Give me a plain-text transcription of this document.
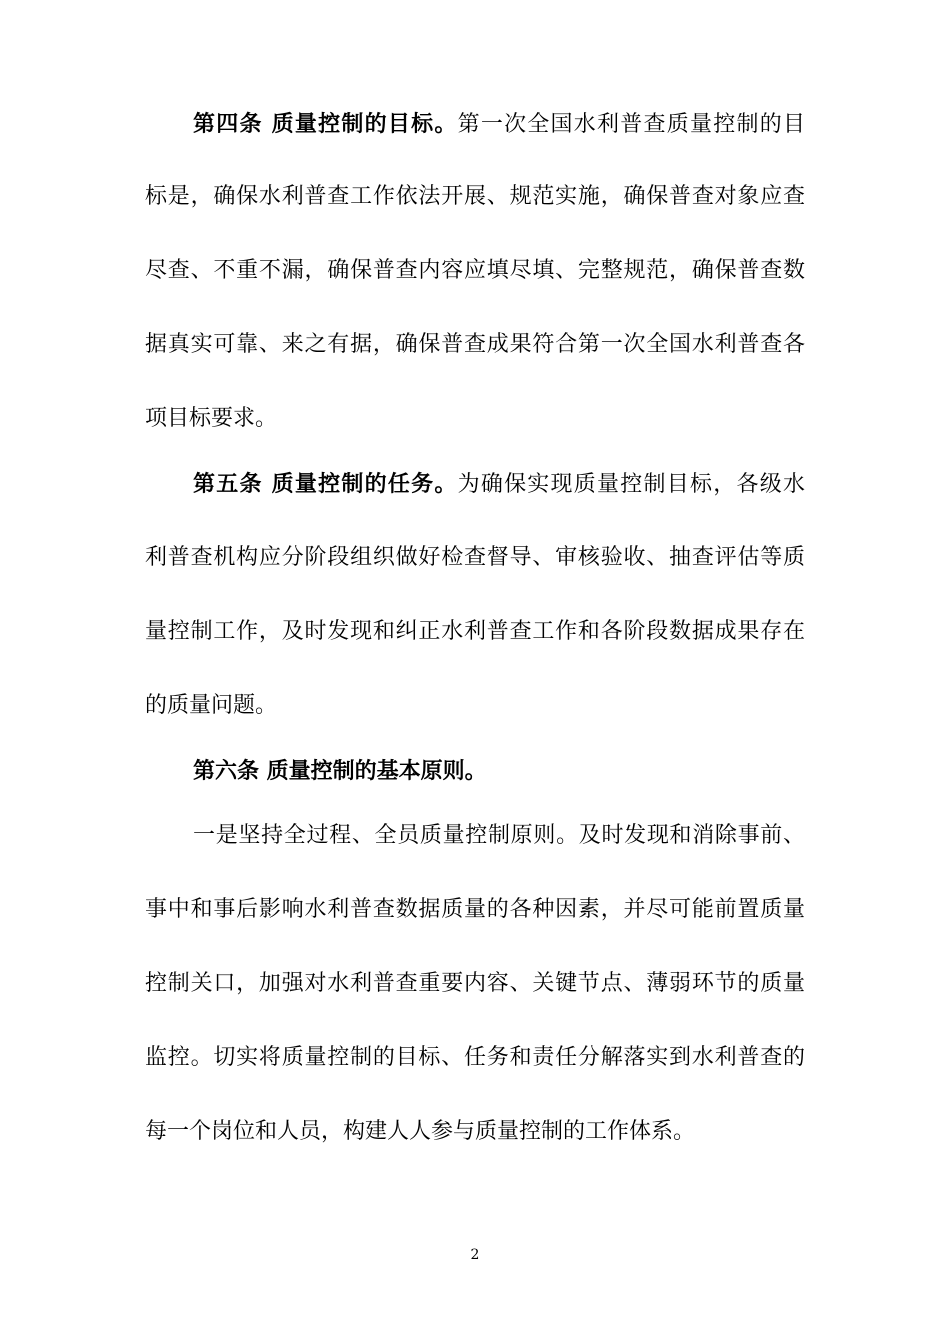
第四条 质量控制的目标。第一次全国水利普查质量控制的目
标是，确保水利普查工作依法开展、规范实施，确保普查对象应查
尽查、不重不漏，确保普查内容应填尽填、完整规范，确保普查数
据真实可靠、来之有据，确保普查成果符合第一次全国水利普查各
项目标要求。
第五条 质量控制的任务。为确保实现质量控制目标，各级水
利普查机构应分阶段组织做好检查督导、审核验收、抽查评估等质
量控制工作，及时发现和纠正水利普查工作和各阶段数据成果存在
的质量问题。
第六条 质量控制的基本原则。
一是坚持全过程、全员质量控制原则。及时发现和消除事前、
事中和事后影响水利普查数据质量的各种因素，并尽可能前置质量
控制关口，加强对水利普查重要内容、关键节点、薄弱环节的质量
监控。切实将质量控制的目标、任务和责任分解落实到水利普查的
每一个岗位和人员，构建人人参与质量控制的工作体系。
2
